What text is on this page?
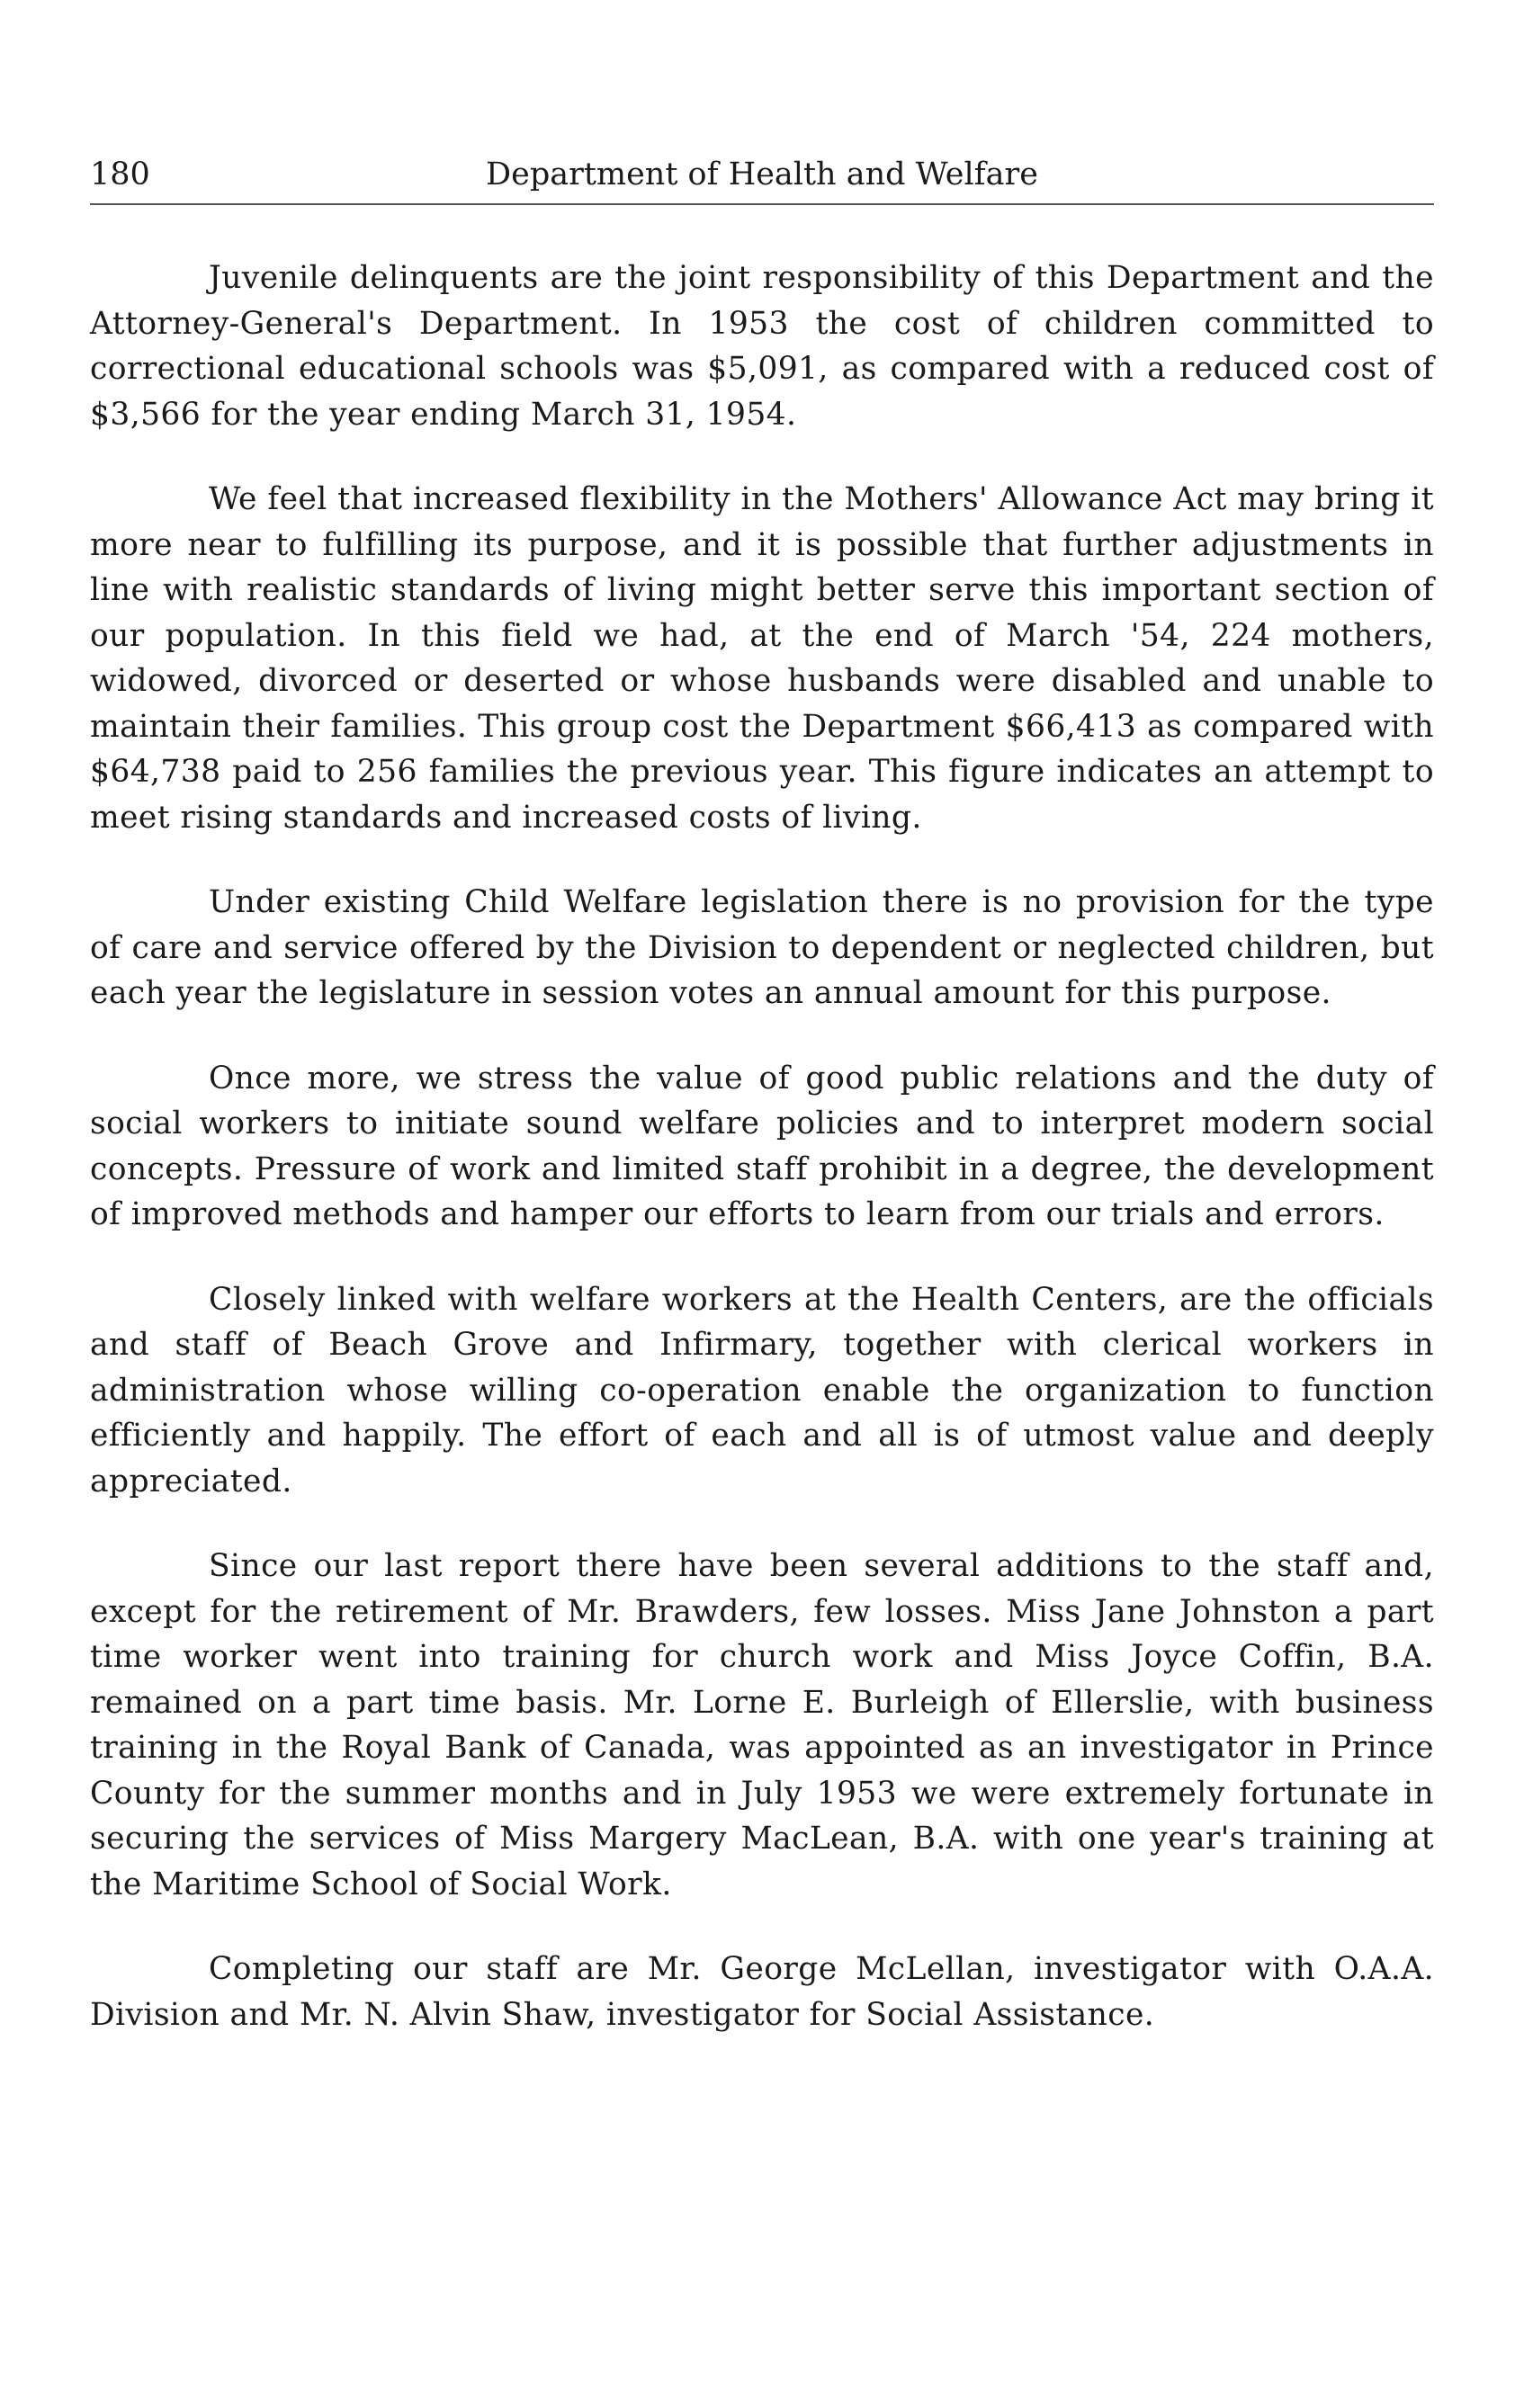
180	Department of Health and Welfare

Juvenile delinquents are the joint responsibility of this Department and the Attorney-General's Department. In 1953 the cost of children committed to correctional educational schools was $5,091, as compared with a reduced cost of $3,566 for the year ending March 31, 1954.

We feel that increased flexibility in the Mothers' Allowance Act may bring it more near to fulfilling its purpose, and it is possible that further adjustments in line with realistic standards of living might better serve this important section of our population. In this field we had, at the end of March '54, 224 mothers, widowed, divorced or deserted or whose husbands were disabled and unable to maintain their families. This group cost the Department $66,413 as compared with $64,738 paid to 256 families the previous year. This figure indicates an attempt to meet rising standards and increased costs of living.

Under existing Child Welfare legislation there is no provision for the type of care and service offered by the Division to dependent or neglected children, but each year the legislature in session votes an annual amount for this purpose.

Once more, we stress the value of good public relations and the duty of social workers to initiate sound welfare policies and to interpret modern social concepts. Pressure of work and limited staff prohibit in a degree, the development of improved methods and hamper our efforts to learn from our trials and errors.

Closely linked with welfare workers at the Health Centers, are the officials and staff of Beach Grove and Infirmary, together with clerical workers in administration whose willing co-operation enable the organization to function efficiently and happily. The effort of each and all is of utmost value and deeply appreciated.

Since our last report there have been several additions to the staff and, except for the retirement of Mr. Brawders, few losses. Miss Jane Johnston a part time worker went into training for church work and Miss Joyce Coffin, B.A. remained on a part time basis. Mr. Lorne E. Burleigh of Ellerslie, with business training in the Royal Bank of Canada, was appointed as an investigator in Prince County for the summer months and in July 1953 we were extremely fortunate in securing the services of Miss Margery MacLean, B.A. with one year's training at the Maritime School of Social Work.

Completing our staff are Mr. George McLellan, investigator with O.A.A. Division and Mr. N. Alvin Shaw, investigator for Social Assistance.
